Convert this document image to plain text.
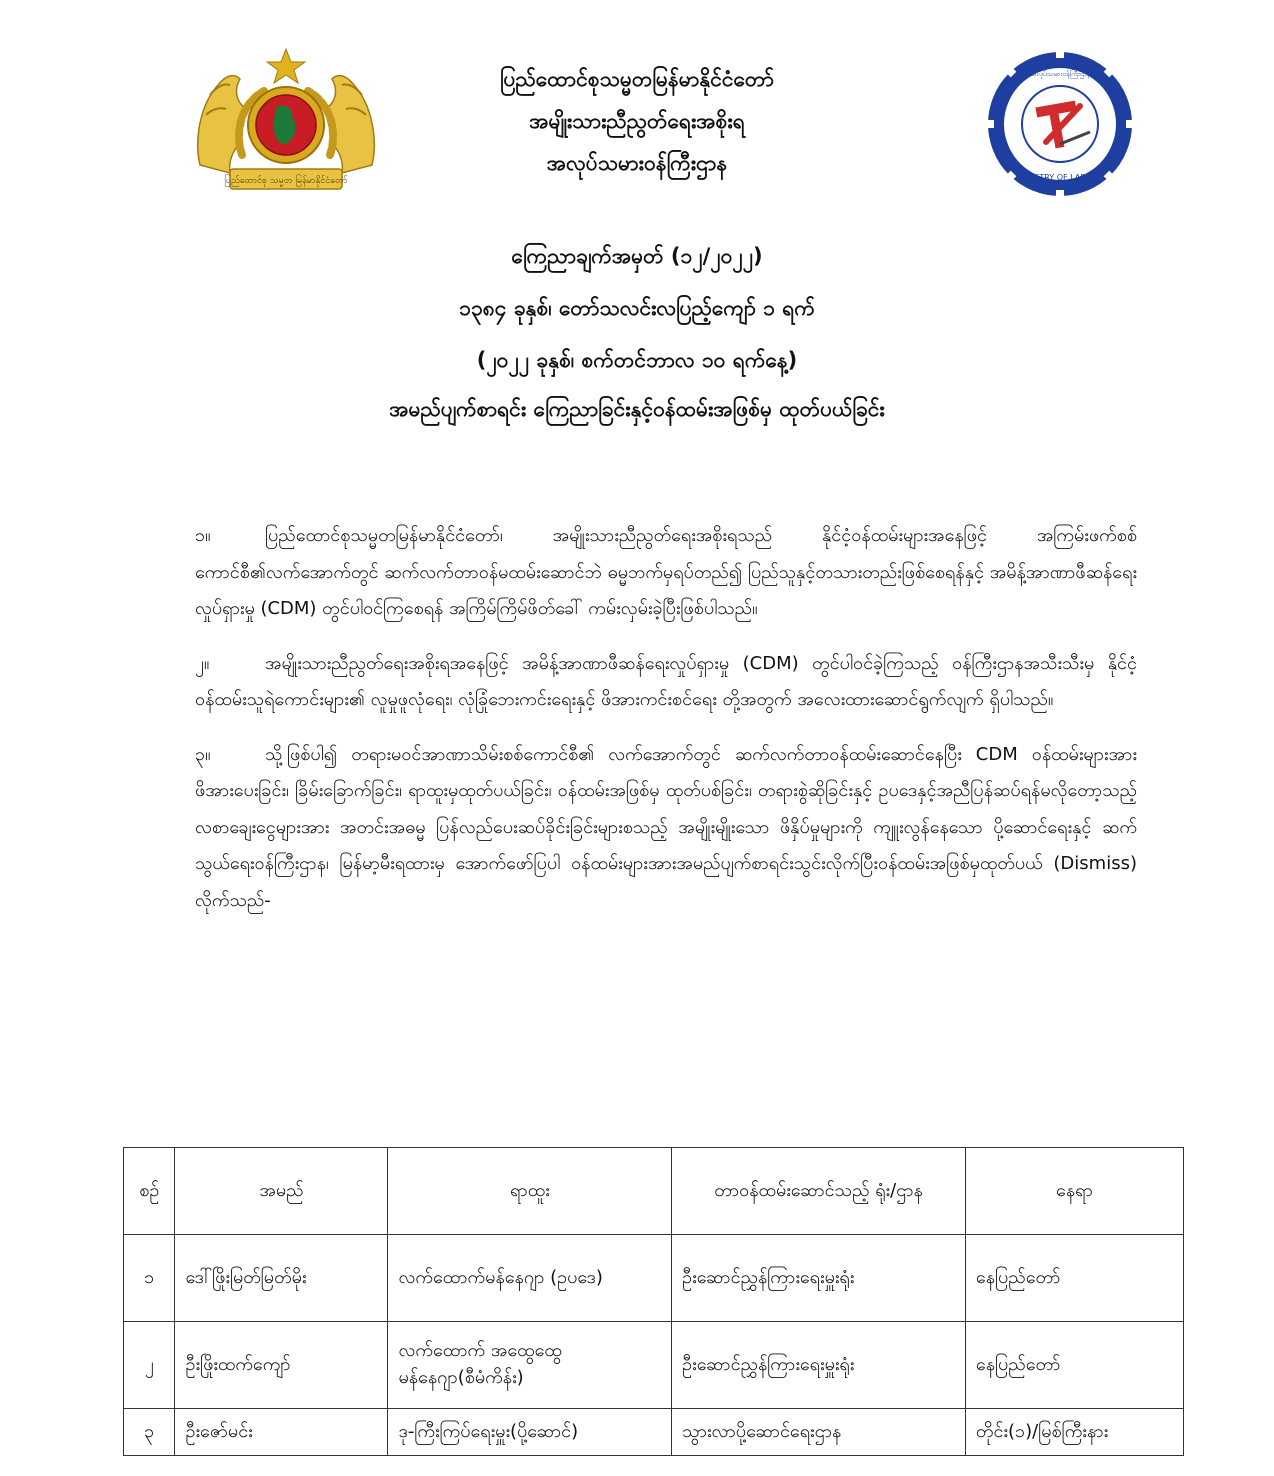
ပြည်ထောင်စု သမ္မတ မြန်မာနိုင်ငံတော်	MINISTRY OF LABOUR
အလုပ်သမားဝန်ကြီးဌာန
ပြည်ထောင်စုသမ္မတမြန်မာနိုင်ငံတော်
အမျိုးသားညီညွတ်ရေးအစိုးရ
အလုပ်သမားဝန်ကြီးဌာန
ကြေညာချက်အမှတ် (၁၂/၂၀၂၂)
၁၃၈၄ ခုနှစ်၊ တော်သလင်းလပြည့်ကျော် ၁ ရက်
(၂၀၂၂ ခုနှစ်၊ စက်တင်ဘာလ ၁၀ ရက်နေ့)
အမည်ပျက်စာရင်း ကြေညာခြင်းနှင့်ဝန်ထမ်းအဖြစ်မှ ထုတ်ပယ်ခြင်း

၁။	ပြည်ထောင်စုသမ္မတမြန်မာနိုင်ငံတော်၊ အမျိုးသားညီညွတ်ရေးအစိုးရသည် နိုင်ငံ့ဝန်ထမ်းများအနေဖြင့် အကြမ်းဖက်စစ်ကောင်စီ၏လက်အောက်တွင် ဆက်လက်တာဝန်မထမ်းဆောင်ဘဲ ဓမ္မဘက်မှရပ်တည်၍ ပြည်သူနှင့်တသားတည်းဖြစ်စေရန်နှင့် အမိန့်အာဏာဖီဆန်ရေးလှုပ်ရှားမှု (CDM) တွင်ပါဝင်ကြစေရန် အကြိမ်ကြိမ်ဖိတ်ခေါ် ကမ်းလှမ်းခဲ့ပြီးဖြစ်ပါသည်။

၂။	အမျိုးသားညီညွတ်ရေးအစိုးရအနေဖြင့် အမိန့်အာဏာဖီဆန်ရေးလှုပ်ရှားမှု (CDM) တွင်ပါဝင်ခဲ့ကြသည့် ဝန်ကြီးဌာနအသီးသီးမှ နိုင်ငံ့ဝန်ထမ်းသူရဲကောင်းများ၏ လူမှုဖူလုံရေး၊ လုံခြုံဘေးကင်းရေးနှင့် ဖိအားကင်းစင်ရေး တို့အတွက် အလေးထားဆောင်ရွက်လျက် ရှိပါသည်။

၃။	သို့ဖြစ်ပါ၍ တရားမဝင်အာဏာသိမ်းစစ်ကောင်စီ၏ လက်အောက်တွင် ဆက်လက်တာဝန်ထမ်းဆောင်နေပြီး CDM ဝန်ထမ်းများအား ဖိအားပေးခြင်း၊ ခြိမ်းခြောက်ခြင်း၊ ရာထူးမှထုတ်ပယ်ခြင်း၊ ဝန်ထမ်းအဖြစ်မှ ထုတ်ပစ်ခြင်း၊ တရားစွဲဆိုခြင်းနှင့် ဥပဒေနှင့်အညီပြန်ဆပ်ရန်မလိုတော့သည့် လစာချေးငွေများအား အတင်းအဓမ္မ ပြန်လည်ပေးဆပ်ခိုင်းခြင်းများစသည့် အမျိုးမျိုးသော ဖိနှိပ်မှုများကို ကျူးလွန်နေသော ပို့ဆောင်ရေးနှင့် ဆက်သွယ်ရေးဝန်ကြီးဌာန၊ မြန်မာ့မီးရထားမှ အောက်ဖော်ပြပါ ဝန်ထမ်းများအားအမည်ပျက်စာရင်းသွင်းလိုက်ပြီးဝန်ထမ်းအဖြစ်မှထုတ်ပယ် (Dismiss) လိုက်သည်-

စဉ်	အမည်	ရာထူး	တာဝန်ထမ်းဆောင်သည့် ရုံး/ဌာန	နေရာ
၁	ဒေါ်ဖြိုးမြတ်မြတ်မိုး	လက်ထောက်မန်နေဂျာ (ဥပဒေ)	ဦးဆောင်ညွှန်ကြားရေးမှူးရုံး	နေပြည်တော်
၂	ဦးဖြိုးထက်ကျော်	လက်ထောက် အထွေထွေ မန်နေဂျာ(စီမံကိန်း)	ဦးဆောင်ညွှန်ကြားရေးမှူးရုံး	နေပြည်တော်
၃	ဦးဇော်မင်း	ဒု-ကြီးကြပ်ရေးမှူး(ပို့ဆောင်)	သွားလာပို့ဆောင်ရေးဌာန	တိုင်း(၁)/မြစ်ကြီးနား
